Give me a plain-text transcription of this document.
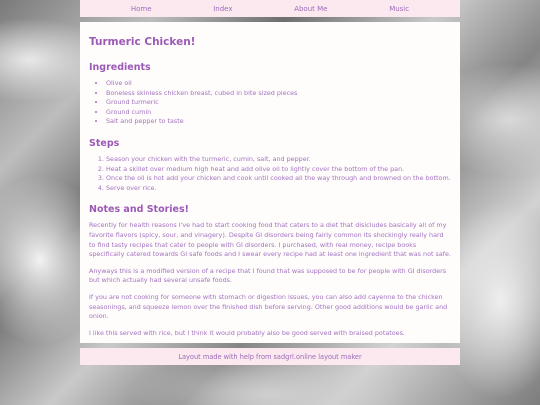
Home	Index	About Me	Music
Turmeric Chicken!
Ingredients
• Olive oil
• Boneless skinless chicken breast, cubed in bite sized pieces
• Ground turmeric
• Ground cumin
• Salt and pepper to taste
Steps
1. Season your chicken with the turmeric, cumin, salt, and pepper.
2. Heat a skillet over medium high heat and add olive oil to lightly cover the bottom of the pan.
3. Once the oil is hot add your chicken and cook until cooked all the way through and browned on the bottom.
4. Serve over rice.
Notes and Stories!

Recently for health reasons I've had to start cooking food that caters to a diet that disicludes basically all of my favorite flavors (spicy, sour, and vinagery). Despite GI disorders being fairly common its shockingly really hard to find tasty recipes that cater to people with GI disorders. I purchased, with real money, recipe books specifically catered towards GI safe foods and I swear every recipe had at least one ingredient that was not safe.

Anyways this is a modified version of a recipe that I found that was supposed to be for people with GI disorders but which actually had several unsafe foods.

If you are not cooking for someone with stomach or digestion issues, you can also add cayenne to the chicken seasonings, and squeeze lemon over the finished dish before serving. Other good additions would be garlic and onion.

I like this served with rice, but I think it would probably also be good served with braised potatoes.

Layout made with help from sadgrl.online layout maker
